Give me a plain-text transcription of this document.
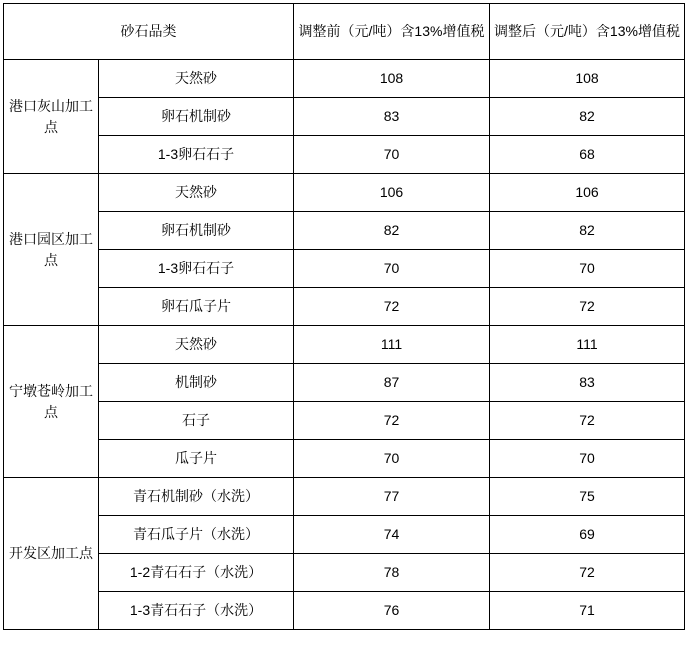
砂石品类		调整前（元/吨）含13%增值税	调整后（元/吨）含13%增值税
港口灰山加工点	天然砂	108	108
	卵石机制砂	83	82
	1-3卵石石子	70	68
港口园区加工点	天然砂	106	106
	卵石机制砂	82	82
	1-3卵石石子	70	70
	卵石瓜子片	72	72
宁墩苍岭加工点	天然砂	111	111
	机制砂	87	83
	石子	72	72
	瓜子片	70	70
开发区加工点	青石机制砂（水洗）	77	75
	青石瓜子片（水洗）	74	69
	1-2青石石子（水洗）	78	72
	1-3青石石子（水洗）	76	71
